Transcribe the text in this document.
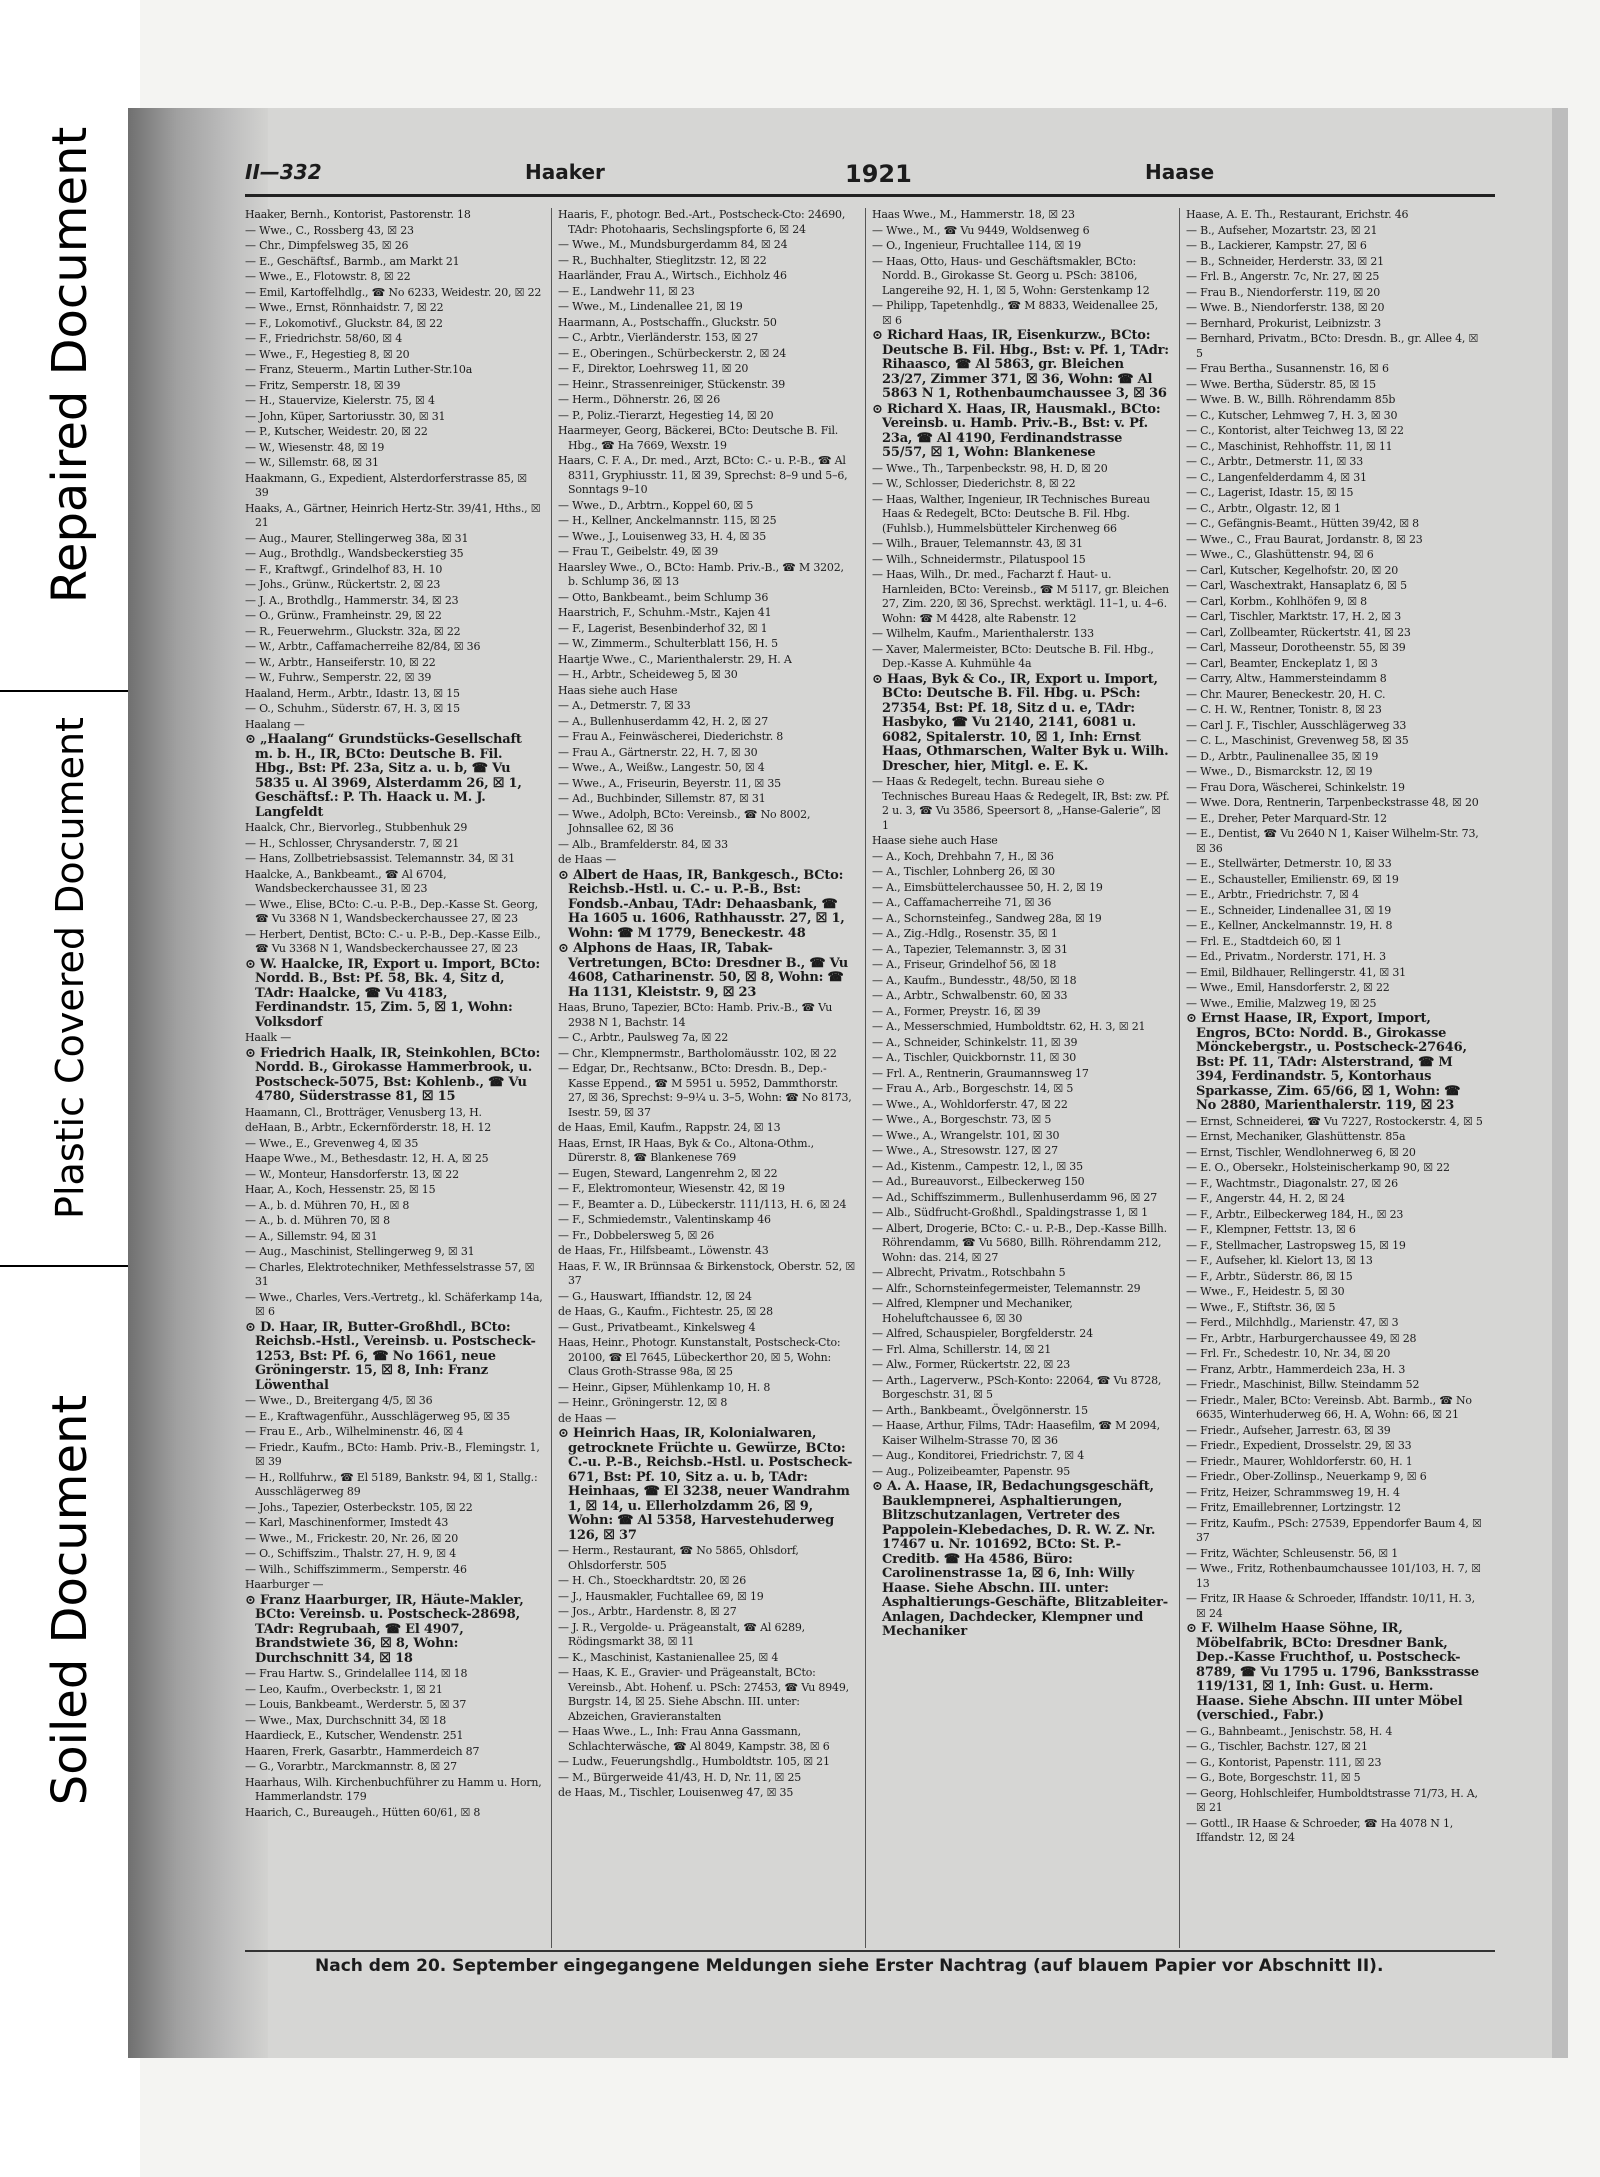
Repaired Document
Plastic Covered Document
Soiled Document
II—332	Haaker	1921	Haase
Haaker, Bernh., Kontorist, Pastorenstr. 18
— Wwe., C., Rossberg 43, ☒ 23
— Chr., Dimpfelsweg 35, ☒ 26
— E., Geschäftsf., Barmb., am Markt 21
— Wwe., E., Flotowstr. 8, ☒ 22
— Emil, Kartoffelhdlg., ☎ No 6233, Weidestr. 20, ☒ 22
— Wwe., Ernst, Rönnhaidstr. 7, ☒ 22
— F., Lokomotivf., Gluckstr. 84, ☒ 22
— F., Friedrichstr. 58/60, ☒ 4
— Wwe., F., Hegestieg 8, ☒ 20
— Franz, Steuerm., Martin Luther-Str.10a
— Fritz, Semperstr. 18, ☒ 39
— H., Stauervize, Kielerstr. 75, ☒ 4
— John, Küper, Sartoriusstr. 30, ☒ 31
— P., Kutscher, Weidestr. 20, ☒ 22
— W., Wiesenstr. 48, ☒ 19
— W., Sillemstr. 68, ☒ 31
Haakmann, G., Expedient, Alsterdorferstrasse 85, ☒ 39
Haaks, A., Gärtner, Heinrich Hertz-Str. 39/41, Hths., ☒ 21
— Aug., Maurer, Stellingerweg 38a, ☒ 31
— Aug., Brothdlg., Wandsbeckerstieg 35
— F., Kraftwgf., Grindelhof 83, H. 10
— Johs., Grünw., Rückertstr. 2, ☒ 23
— J. A., Brothdlg., Hammerstr. 34, ☒ 23
— O., Grünw., Framheinstr. 29, ☒ 22
— R., Feuerwehrm., Gluckstr. 32a, ☒ 22
— W., Arbtr., Caffamacherreihe 82/84, ☒ 36
— W., Arbtr., Hanseiferstr. 10, ☒ 22
— W., Fuhrw., Semperstr. 22, ☒ 39
Haaland, Herm., Arbtr., Idastr. 13, ☒ 15
— O., Schuhm., Süderstr. 67, H. 3, ☒ 15
Haalang —
⊙ „Haalang“ Grundstücks-Gesellschaft m. b. H., IR, BCto: Deutsche B. Fil. Hbg., Bst: Pf. 23a, Sitz a. u. b, ☎ Vu 5835 u. Al 3969, Alsterdamm 26, ☒ 1, Geschäftsf.: P. Th. Haack u. M. J. Langfeldt
Haalck, Chr., Biervorleg., Stubbenhuk 29
— H., Schlosser, Chrysanderstr. 7, ☒ 21
— Hans, Zollbetriebsassist. Telemannstr. 34, ☒ 31
Haalcke, A., Bankbeamt., ☎ Al 6704, Wandsbeckerchaussee 31, ☒ 23
— Wwe., Elise, BCto: C.-u. P.-B., Dep.-Kasse St. Georg, ☎ Vu 3368 N 1, Wandsbeckerchaussee 27, ☒ 23
— Herbert, Dentist, BCto: C.- u. P.-B., Dep.-Kasse Eilb., ☎ Vu 3368 N 1, Wandsbeckerchaussee 27, ☒ 23
⊙ W. Haalcke, IR, Export u. Import, BCto: Nordd. B., Bst: Pf. 58, Bk. 4, Sitz d, TAdr: Haalcke, ☎ Vu 4183, Ferdinandstr. 15, Zim. 5, ☒ 1, Wohn: Volksdorf
Haalk —
⊙ Friedrich Haalk, IR, Steinkohlen, BCto: Nordd. B., Girokasse Hammerbrook, u. Postscheck-5075, Bst: Kohlenb., ☎ Vu 4780, Süderstrasse 81, ☒ 15
Haamann, Cl., Brotträger, Venusberg 13, H.
deHaan, B., Arbtr., Eckernförderstr. 18, H. 12
— Wwe., E., Grevenweg 4, ☒ 35
Haape Wwe., M., Bethesdastr. 12, H. A, ☒ 25
— W., Monteur, Hansdorferstr. 13, ☒ 22
Haar, A., Koch, Hessenstr. 25, ☒ 15
— A., b. d. Mühren 70, H., ☒ 8
— A., b. d. Mühren 70, ☒ 8
— A., Sillemstr. 94, ☒ 31
— Aug., Maschinist, Stellingerweg 9, ☒ 31
— Charles, Elektrotechniker, Methfesselstrasse 57, ☒ 31
— Wwe., Charles, Vers.-Vertretg., kl. Schäferkamp 14a, ☒ 6
⊙ D. Haar, IR, Butter-Großhdl., BCto: Reichsb.-Hstl., Vereinsb. u. Postscheck-1253, Bst: Pf. 6, ☎ No 1661, neue Gröningerstr. 15, ☒ 8, Inh: Franz Löwenthal
— Wwe., D., Breitergang 4/5, ☒ 36
— E., Kraftwagenführ., Ausschlägerweg 95, ☒ 35
— Frau E., Arb., Wilhelminenstr. 46, ☒ 4
— Friedr., Kaufm., BCto: Hamb. Priv.-B., Flemingstr. 1, ☒ 39
— H., Rollfuhrw., ☎ El 5189, Bankstr. 94, ☒ 1, Stallg.: Ausschlägerweg 89
— Johs., Tapezier, Osterbeckstr. 105, ☒ 22
— Karl, Maschinenformer, Imstedt 43
— Wwe., M., Frickestr. 20, Nr. 26, ☒ 20
— O., Schiffszim., Thalstr. 27, H. 9, ☒ 4
— Wilh., Schiffszimmerm., Semperstr. 46
Haarburger —
⊙ Franz Haarburger, IR, Häute-Makler, BCto: Vereinsb. u. Postscheck-28698, TAdr: Regrubaah, ☎ El 4907, Brandstwiete 36, ☒ 8, Wohn: Durchschnitt 34, ☒ 18
— Frau Hartw. S., Grindelallee 114, ☒ 18
— Leo, Kaufm., Overbeckstr. 1, ☒ 21
— Louis, Bankbeamt., Werderstr. 5, ☒ 37
— Wwe., Max, Durchschnitt 34, ☒ 18
Haardieck, E., Kutscher, Wendenstr. 251
Haaren, Frerk, Gasarbtr., Hammerdeich 87
— G., Vorarbtr., Marckmannstr. 8, ☒ 27
Haarhaus, Wilh. Kirchenbuchführer zu Hamm u. Horn, Hammerlandstr. 179
Haarich, C., Bureaugeh., Hütten 60/61, ☒ 8
Haaris, F., photogr. Bed.-Art., Postscheck-Cto: 24690, TAdr: Photohaaris, Sechslingspforte 6, ☒ 24
— Wwe., M., Mundsburgerdamm 84, ☒ 24
— R., Buchhalter, Stieglitzstr. 12, ☒ 22
Haarländer, Frau A., Wirtsch., Eichholz 46
— E., Landwehr 11, ☒ 23
— Wwe., M., Lindenallee 21, ☒ 19
Haarmann, A., Postschaffn., Gluckstr. 50
— C., Arbtr., Vierländerstr. 153, ☒ 27
— E., Oberingen., Schürbeckerstr. 2, ☒ 24
— F., Direktor, Loehrsweg 11, ☒ 20
— Heinr., Strassenreiniger, Stückenstr. 39
— Herm., Döhnerstr. 26, ☒ 26
— P., Poliz.-Tierarzt, Hegestieg 14, ☒ 20
Haarmeyer, Georg, Bäckerei, BCto: Deutsche B. Fil. Hbg., ☎ Ha 7669, Wexstr. 19
Haars, C. F. A., Dr. med., Arzt, BCto: C.- u. P.-B., ☎ Al 8311, Gryphiusstr. 11, ☒ 39, Sprechst: 8–9 und 5–6, Sonntags 9–10
— Wwe., D., Arbtrn., Koppel 60, ☒ 5
— H., Kellner, Anckelmannstr. 115, ☒ 25
— Wwe., J., Louisenweg 33, H. 4, ☒ 35
— Frau T., Geibelstr. 49, ☒ 39
Haarsley Wwe., O., BCto: Hamb. Priv.-B., ☎ M 3202, b. Schlump 36, ☒ 13
— Otto, Bankbeamt., beim Schlump 36
Haarstrich, F., Schuhm.-Mstr., Kajen 41
— F., Lagerist, Besenbinderhof 32, ☒ 1
— W., Zimmerm., Schulterblatt 156, H. 5
Haartje Wwe., C., Marienthalerstr. 29, H. A
— H., Arbtr., Scheideweg 5, ☒ 30
Haas siehe auch Hase
— A., Detmerstr. 7, ☒ 33
— A., Bullenhuserdamm 42, H. 2, ☒ 27
— Frau A., Feinwäscherei, Diederichstr. 8
— Frau A., Gärtnerstr. 22, H. 7, ☒ 30
— Wwe., A., Weißw., Langestr. 50, ☒ 4
— Wwe., A., Friseurin, Beyerstr. 11, ☒ 35
— Ad., Buchbinder, Sillemstr. 87, ☒ 31
— Wwe., Adolph, BCto: Vereinsb., ☎ No 8002, Johnsallee 62, ☒ 36
— Alb., Bramfelderstr. 84, ☒ 33
de Haas —
⊙ Albert de Haas, IR, Bankgesch., BCto: Reichsb.-Hstl. u. C.- u. P.-B., Bst: Fondsb.-Anbau, TAdr: Dehaasbank, ☎ Ha 1605 u. 1606, Rathhausstr. 27, ☒ 1, Wohn: ☎ M 1779, Beneckestr. 48
⊙ Alphons de Haas, IR, Tabak-Vertretungen, BCto: Dresdner B., ☎ Vu 4608, Catharinenstr. 50, ☒ 8, Wohn: ☎ Ha 1131, Kleiststr. 9, ☒ 23
Haas, Bruno, Tapezier, BCto: Hamb. Priv.-B., ☎ Vu 2938 N 1, Bachstr. 14
— C., Arbtr., Paulsweg 7a, ☒ 22
— Chr., Klempnermstr., Bartholomäusstr. 102, ☒ 22
— Edgar, Dr., Rechtsanw., BCto: Dresdn. B., Dep.-Kasse Eppend., ☎ M 5951 u. 5952, Dammthorstr. 27, ☒ 36, Sprechst: 9–9¼ u. 3–5, Wohn: ☎ No 8173, Isestr. 59, ☒ 37
de Haas, Emil, Kaufm., Rappstr. 24, ☒ 13
Haas, Ernst, IR Haas, Byk & Co., Altona-Othm., Dürerstr. 8, ☎ Blankenese 769
— Eugen, Steward, Langenrehm 2, ☒ 22
— F., Elektromonteur, Wiesenstr. 42, ☒ 19
— F., Beamter a. D., Lübeckerstr. 111/113, H. 6, ☒ 24
— F., Schmiedemstr., Valentinskamp 46
— Fr., Dobbelersweg 5, ☒ 26
de Haas, Fr., Hilfsbeamt., Löwenstr. 43
Haas, F. W., IR Brünnsaa & Birkenstock, Oberstr. 52, ☒ 37
— G., Hauswart, Iffiandstr. 12, ☒ 24
de Haas, G., Kaufm., Fichtestr. 25, ☒ 28
— Gust., Privatbeamt., Kinkelsweg 4
Haas, Heinr., Photogr. Kunstanstalt, Postscheck-Cto: 20100, ☎ El 7645, Lübeckerthor 20, ☒ 5, Wohn: Claus Groth-Strasse 98a, ☒ 25
— Heinr., Gipser, Mühlenkamp 10, H. 8
— Heinr., Gröningerstr. 12, ☒ 8
de Haas —
⊙ Heinrich Haas, IR, Kolonialwaren, getrocknete Früchte u. Gewürze, BCto: C.-u. P.-B., Reichsb.-Hstl. u. Postscheck-671, Bst: Pf. 10, Sitz a. u. b, TAdr: Heinhaas, ☎ El 3238, neuer Wandrahm 1, ☒ 14, u. Ellerholzdamm 26, ☒ 9, Wohn: ☎ Al 5358, Harvestehuderweg 126, ☒ 37
— Herm., Restaurant, ☎ No 5865, Ohlsdorf, Ohlsdorferstr. 505
— H. Ch., Stoeckhardtstr. 20, ☒ 26
— J., Hausmakler, Fuchtallee 69, ☒ 19
— Jos., Arbtr., Hardenstr. 8, ☒ 27
— J. R., Vergolde- u. Prägeanstalt, ☎ Al 6289, Rödingsmarkt 38, ☒ 11
— K., Maschinist, Kastanienallee 25, ☒ 4
— Haas, K. E., Gravier- und Prägeanstalt, BCto: Vereinsb., Abt. Hohenf. u. PSch: 27453, ☎ Vu 8949, Burgstr. 14, ☒ 25. Siehe Abschn. III. unter: Abzeichen, Gravieranstalten
— Haas Wwe., L., Inh: Frau Anna Gassmann, Schlachterwäsche, ☎ Al 8049, Kampstr. 38, ☒ 6
— Ludw., Feuerungshdlg., Humboldtstr. 105, ☒ 21
— M., Bürgerweide 41/43, H. D, Nr. 11, ☒ 25
de Haas, M., Tischler, Louisenweg 47, ☒ 35
Haas Wwe., M., Hammerstr. 18, ☒ 23
— Wwe., M., ☎ Vu 9449, Woldsenweg 6
— O., Ingenieur, Fruchtallee 114, ☒ 19
— Haas, Otto, Haus- und Geschäftsmakler, BCto: Nordd. B., Girokasse St. Georg u. PSch: 38106, Langereihe 92, H. 1, ☒ 5, Wohn: Gerstenkamp 12
— Philipp, Tapetenhdlg., ☎ M 8833, Weidenallee 25, ☒ 6
⊙ Richard Haas, IR, Eisenkurzw., BCto: Deutsche B. Fil. Hbg., Bst: v. Pf. 1, TAdr: Rihaasco, ☎ Al 5863, gr. Bleichen 23/27, Zimmer 371, ☒ 36, Wohn: ☎ Al 5863 N 1, Rothenbaumchaussee 3, ☒ 36
⊙ Richard X. Haas, IR, Hausmakl., BCto: Vereinsb. u. Hamb. Priv.-B., Bst: v. Pf. 23a, ☎ Al 4190, Ferdinandstrasse 55/57, ☒ 1, Wohn: Blankenese
— Wwe., Th., Tarpenbeckstr. 98, H. D, ☒ 20
— W., Schlosser, Diederichstr. 8, ☒ 22
— Haas, Walther, Ingenieur, IR Technisches Bureau Haas & Redegelt, BCto: Deutsche B. Fil. Hbg. (Fuhlsb.), Hummelsbütteler Kirchenweg 66
— Wilh., Brauer, Telemannstr. 43, ☒ 31
— Wilh., Schneidermstr., Pilatuspool 15
— Haas, Wilh., Dr. med., Facharzt f. Haut- u. Harnleiden, BCto: Vereinsb., ☎ M 5117, gr. Bleichen 27, Zim. 220, ☒ 36, Sprechst. werktägl. 11–1, u. 4–6. Wohn: ☎ M 4428, alte Rabenstr. 12
— Wilhelm, Kaufm., Marienthalerstr. 133
— Xaver, Malermeister, BCto: Deutsche B. Fil. Hbg., Dep.-Kasse A. Kuhmühle 4a
⊙ Haas, Byk & Co., IR, Export u. Import, BCto: Deutsche B. Fil. Hbg. u. PSch: 27354, Bst: Pf. 18, Sitz d u. e, TAdr: Hasbyko, ☎ Vu 2140, 2141, 6081 u. 6082, Spitalerstr. 10, ☒ 1, Inh: Ernst Haas, Othmarschen, Walter Byk u. Wilh. Drescher, hier, Mitgl. e. E. K.
— Haas & Redegelt, techn. Bureau siehe ⊙ Technisches Bureau Haas & Redegelt, IR, Bst: zw. Pf. 2 u. 3, ☎ Vu 3586, Speersort 8, „Hanse-Galerie“, ☒ 1
Haase siehe auch Hase
— A., Koch, Drehbahn 7, H., ☒ 36
— A., Tischler, Lohnberg 26, ☒ 30
— A., Eimsbüttelerchaussee 50, H. 2, ☒ 19
— A., Caffamacherreihe 71, ☒ 36
— A., Schornsteinfeg., Sandweg 28a, ☒ 19
— A., Zig.-Hdlg., Rosenstr. 35, ☒ 1
— A., Tapezier, Telemannstr. 3, ☒ 31
— A., Friseur, Grindelhof 56, ☒ 18
— A., Kaufm., Bundesstr., 48/50, ☒ 18
— A., Arbtr., Schwalbenstr. 60, ☒ 33
— A., Former, Preystr. 16, ☒ 39
— A., Messerschmied, Humboldtstr. 62, H. 3, ☒ 21
— A., Schneider, Schinkelstr. 11, ☒ 39
— A., Tischler, Quickbornstr. 11, ☒ 30
— Frl. A., Rentnerin, Graumannsweg 17
— Frau A., Arb., Borgeschstr. 14, ☒ 5
— Wwe., A., Wohldorferstr. 47, ☒ 22
— Wwe., A., Borgeschstr. 73, ☒ 5
— Wwe., A., Wrangelstr. 101, ☒ 30
— Wwe., A., Stresowstr. 127, ☒ 27
— Ad., Kistenm., Campestr. 12, l., ☒ 35
— Ad., Bureauvorst., Eilbeckerweg 150
— Ad., Schiffszimmerm., Bullenhuserdamm 96, ☒ 27
— Alb., Südfrucht-Großhdl., Spaldingstrasse 1, ☒ 1
— Albert, Drogerie, BCto: C.- u. P.-B., Dep.-Kasse Billh. Röhrendamm, ☎ Vu 5680, Billh. Röhrendamm 212, Wohn: das. 214, ☒ 27
— Albrecht, Privatm., Rotschbahn 5
— Alfr., Schornsteinfegermeister, Telemannstr. 29
— Alfred, Klempner und Mechaniker, Hoheluftchaussee 6, ☒ 30
— Alfred, Schauspieler, Borgfelderstr. 24
— Frl. Alma, Schillerstr. 14, ☒ 21
— Alw., Former, Rückertstr. 22, ☒ 23
— Arth., Lagerverw., PSch-Konto: 22064, ☎ Vu 8728, Borgeschstr. 31, ☒ 5
— Arth., Bankbeamt., Övelgönnerstr. 15
— Haase, Arthur, Films, TAdr: Haasefilm, ☎ M 2094, Kaiser Wilhelm-Strasse 70, ☒ 36
— Aug., Konditorei, Friedrichstr. 7, ☒ 4
— Aug., Polizeibeamter, Papenstr. 95
⊙ A. A. Haase, IR, Bedachungsgeschäft, Bauklempnerei, Asphaltierungen, Blitzschutzanlagen, Vertreter des Pappolein-Klebedaches, D. R. W. Z. Nr. 17467 u. Nr. 101692, BCto: St. P.-Creditb. ☎ Ha 4586, Büro: Carolinenstrasse 1a, ☒ 6, Inh: Willy Haase. Siehe Abschn. III. unter: Asphaltierungs-Geschäfte, Blitzableiter-Anlagen, Dachdecker, Klempner und Mechaniker
Haase, A. E. Th., Restaurant, Erichstr. 46
— B., Aufseher, Mozartstr. 23, ☒ 21
— B., Lackierer, Kampstr. 27, ☒ 6
— B., Schneider, Herderstr. 33, ☒ 21
— Frl. B., Angerstr. 7c, Nr. 27, ☒ 25
— Frau B., Niendorferstr. 119, ☒ 20
— Wwe. B., Niendorferstr. 138, ☒ 20
— Bernhard, Prokurist, Leibnizstr. 3
— Bernhard, Privatm., BCto: Dresdn. B., gr. Allee 4, ☒ 5
— Frau Bertha., Susannenstr. 16, ☒ 6
— Wwe. Bertha, Süderstr. 85, ☒ 15
— Wwe. B. W., Billh. Röhrendamm 85b
— C., Kutscher, Lehmweg 7, H. 3, ☒ 30
— C., Kontorist, alter Teichweg 13, ☒ 22
— C., Maschinist, Rehhoffstr. 11, ☒ 11
— C., Arbtr., Detmerstr. 11, ☒ 33
— C., Langenfelderdamm 4, ☒ 31
— C., Lagerist, Idastr. 15, ☒ 15
— C., Arbtr., Olgastr. 12, ☒ 1
— C., Gefängnis-Beamt., Hütten 39/42, ☒ 8
— Wwe., C., Frau Baurat, Jordanstr. 8, ☒ 23
— Wwe., C., Glashüttenstr. 94, ☒ 6
— Carl, Kutscher, Kegelhofstr. 20, ☒ 20
— Carl, Waschextrakt, Hansaplatz 6, ☒ 5
— Carl, Korbm., Kohlhöfen 9, ☒ 8
— Carl, Tischler, Marktstr. 17, H. 2, ☒ 3
— Carl, Zollbeamter, Rückertstr. 41, ☒ 23
— Carl, Masseur, Dorotheenstr. 55, ☒ 39
— Carl, Beamter, Enckeplatz 1, ☒ 3
— Carry, Altw., Hammersteindamm 8
— Chr. Maurer, Beneckestr. 20, H. C.
— C. H. W., Rentner, Tonistr. 8, ☒ 23
— Carl J. F., Tischler, Ausschlägerweg 33
— C. L., Maschinist, Grevenweg 58, ☒ 35
— D., Arbtr., Paulinenallee 35, ☒ 19
— Wwe., D., Bismarckstr. 12, ☒ 19
— Frau Dora, Wäscherei, Schinkelstr. 19
— Wwe. Dora, Rentnerin, Tarpenbeckstrasse 48, ☒ 20
— E., Dreher, Peter Marquard-Str. 12
— E., Dentist, ☎ Vu 2640 N 1, Kaiser Wilhelm-Str. 73, ☒ 36
— E., Stellwärter, Detmerstr. 10, ☒ 33
— E., Schausteller, Emilienstr. 69, ☒ 19
— E., Arbtr., Friedrichstr. 7, ☒ 4
— E., Schneider, Lindenallee 31, ☒ 19
— E., Kellner, Anckelmannstr. 19, H. 8
— Frl. E., Stadtdeich 60, ☒ 1
— Ed., Privatm., Norderstr. 171, H. 3
— Emil, Bildhauer, Rellingerstr. 41, ☒ 31
— Wwe., Emil, Hansdorferstr. 2, ☒ 22
— Wwe., Emilie, Malzweg 19, ☒ 25
⊙ Ernst Haase, IR, Export, Import, Engros, BCto: Nordd. B., Girokasse Mönckebergstr., u. Postscheck-27646, Bst: Pf. 11, TAdr: Alsterstrand, ☎ M 394, Ferdinandstr. 5, Kontorhaus Sparkasse, Zim. 65/66, ☒ 1, Wohn: ☎ No 2880, Marienthalerstr. 119, ☒ 23
— Ernst, Schneiderei, ☎ Vu 7227, Rostockerstr. 4, ☒ 5
— Ernst, Mechaniker, Glashüttenstr. 85a
— Ernst, Tischler, Wendlohnerweg 6, ☒ 20
— E. O., Obersekr., Holsteinischerkamp 90, ☒ 22
— F., Wachtmstr., Diagonalstr. 27, ☒ 26
— F., Angerstr. 44, H. 2, ☒ 24
— F., Arbtr., Eilbeckerweg 184, H., ☒ 23
— F., Klempner, Fettstr. 13, ☒ 6
— F., Stellmacher, Lastropsweg 15, ☒ 19
— F., Aufseher, kl. Kielort 13, ☒ 13
— F., Arbtr., Süderstr. 86, ☒ 15
— Wwe., F., Heidestr. 5, ☒ 30
— Wwe., F., Stiftstr. 36, ☒ 5
— Ferd., Milchhdlg., Marienstr. 47, ☒ 3
— Fr., Arbtr., Harburgerchaussee 49, ☒ 28
— Frl. Fr., Schedestr. 10, Nr. 34, ☒ 20
— Franz, Arbtr., Hammerdeich 23a, H. 3
— Friedr., Maschinist, Billw. Steindamm 52
— Friedr., Maler, BCto: Vereinsb. Abt. Barmb., ☎ No 6635, Winterhuderweg 66, H. A, Wohn: 66, ☒ 21
— Friedr., Aufseher, Jarrestr. 63, ☒ 39
— Friedr., Expedient, Drosselstr. 29, ☒ 33
— Friedr., Maurer, Wohldorferstr. 60, H. 1
— Friedr., Ober-Zollinsp., Neuerkamp 9, ☒ 6
— Fritz, Heizer, Schrammsweg 19, H. 4
— Fritz, Emaillebrenner, Lortzingstr. 12
— Fritz, Kaufm., PSch: 27539, Eppendorfer Baum 4, ☒ 37
— Fritz, Wächter, Schleusenstr. 56, ☒ 1
— Wwe., Fritz, Rothenbaumchaussee 101/103, H. 7, ☒ 13
— Fritz, IR Haase & Schroeder, Iffandstr. 10/11, H. 3, ☒ 24
⊙ F. Wilhelm Haase Söhne, IR, Möbelfabrik, BCto: Dresdner Bank, Dep.-Kasse Fruchthof, u. Postscheck-8789, ☎ Vu 1795 u. 1796, Banksstrasse 119/131, ☒ 1, Inh: Gust. u. Herm. Haase. Siehe Abschn. III unter Möbel (verschied., Fabr.)
— G., Bahnbeamt., Jenischstr. 58, H. 4
— G., Tischler, Bachstr. 127, ☒ 21
— G., Kontorist, Papenstr. 111, ☒ 23
— G., Bote, Borgeschstr. 11, ☒ 5
— Georg, Hohlschleifer, Humboldtstrasse 71/73, H. A, ☒ 21
— Gottl., IR Haase & Schroeder, ☎ Ha 4078 N 1, Iffandstr. 12, ☒ 24
Nach dem 20. September eingegangene Meldungen siehe Erster Nachtrag (auf blauem Papier vor Abschnitt II).
